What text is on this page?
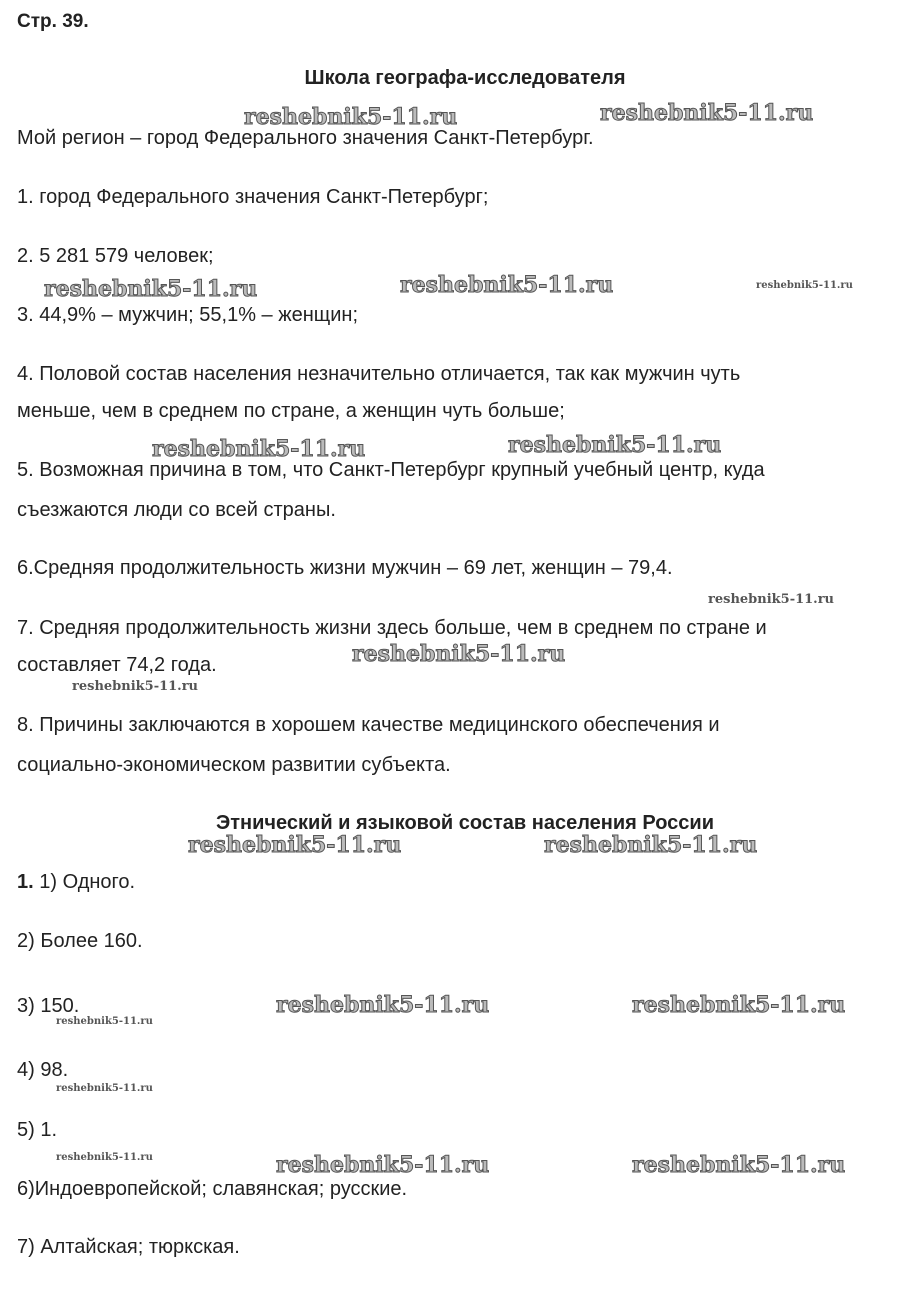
Стр. 39.
Школа географа-исследователя
Мой регион – город Федерального значения Санкт-Петербург.
1. город Федерального значения Санкт-Петербург;
2. 5 281 579 человек;
3. 44,9% – мужчин; 55,1% – женщин;
4. Половой состав населения незначительно отличается, так как мужчин чуть
меньше, чем в среднем по стране, а женщин чуть больше;
5. Возможная причина в том, что Санкт-Петербург крупный учебный центр, куда
съезжаются люди со всей страны.
6.Средняя продолжительность жизни мужчин – 69 лет, женщин – 79,4.
7. Средняя продолжительность жизни здесь больше, чем в среднем по стране и
составляет 74,2 года.
8. Причины заключаются в хорошем качестве медицинского обеспечения и
социально-экономическом развитии субъекта.
Этнический и языковой состав населения России
1. 1) Одного.
2) Более 160.
3) 150.
4) 98.
5) 1.
6)Индоевропейской; славянская; русские.
7) Алтайская; тюркская.
reshebnik5-11.ru	reshebnik5-11.ru
reshebnik5-11.ru	reshebnik5-11.ru	reshebnik5-11.ru
reshebnik5-11.ru	reshebnik5-11.ru
reshebnik5-11.ru
reshebnik5-11.ru
reshebnik5-11.ru
reshebnik5-11.ru	reshebnik5-11.ru
reshebnik5-11.ru	reshebnik5-11.ru
reshebnik5-11.ru
reshebnik5-11.ru
reshebnik5-11.ru	reshebnik5-11.ru	reshebnik5-11.ru
